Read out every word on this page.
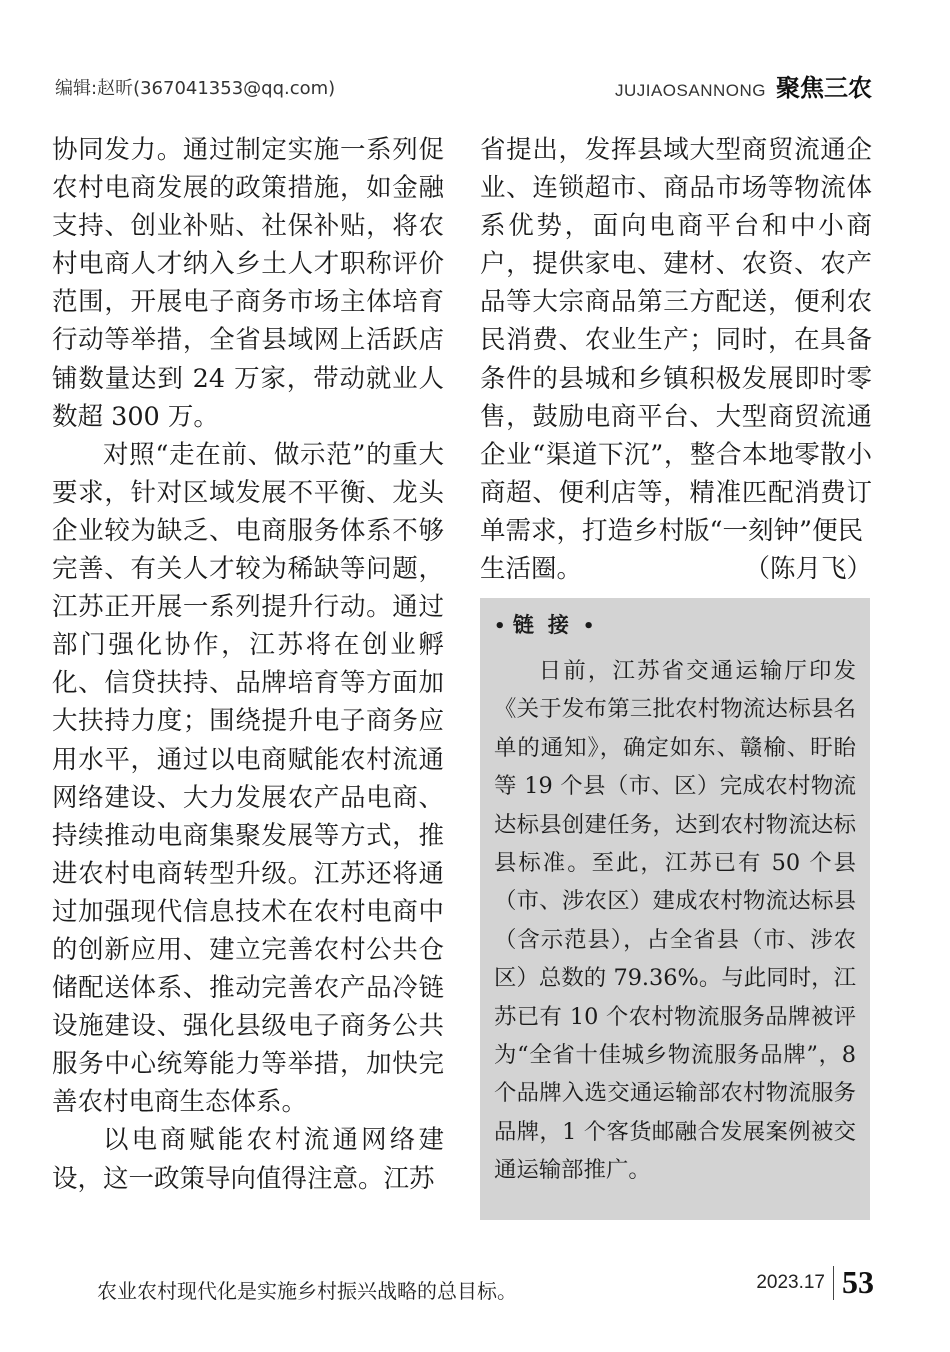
编辑:赵昕(367041353@qq.com)	JUJIAOSANNONG 聚焦三农

协同发力。通过制定实施一系列促农村电商发展的政策措施，如金融支持、创业补贴、社保补贴，将农村电商人才纳入乡土人才职称评价范围，开展电子商务市场主体培育行动等举措，全省县域网上活跃店铺数量达到 24 万家，带动就业人数超 300 万。

对照“走在前、做示范”的重大要求，针对区域发展不平衡、龙头企业较为缺乏、电商服务体系不够完善、有关人才较为稀缺等问题，江苏正开展一系列提升行动。通过部门强化协作，江苏将在创业孵化、信贷扶持、品牌培育等方面加大扶持力度；围绕提升电子商务应用水平，通过以电商赋能农村流通网络建设、大力发展农产品电商、持续推动电商集聚发展等方式，推进农村电商转型升级。江苏还将通过加强现代信息技术在农村电商中的创新应用、建立完善农村公共仓储配送体系、推动完善农产品冷链设施建设、强化县级电子商务公共服务中心统筹能力等举措，加快完善农村电商生态体系。

以电商赋能农村流通网络建设，这一政策导向值得注意。江苏

省提出，发挥县域大型商贸流通企业、连锁超市、商品市场等物流体系优势，面向电商平台和中小商户，提供家电、建材、农资、农产品等大宗商品第三方配送，便利农民消费、农业生产；同时，在具备条件的县城和乡镇积极发展即时零售，鼓励电商平台、大型商贸流通企业“渠道下沉”，整合本地零散小商超、便利店等，精准匹配消费订单需求，打造乡村版“一刻钟”便民

生活圈。	（陈月飞）
• 链接•

日前，江苏省交通运输厅印发《关于发布第三批农村物流达标县名单的通知》，确定如东、赣榆、盱眙等 19 个县（市、区）完成农村物流达标县创建任务，达到农村物流达标县标准。至此，江苏已有 50 个县（市、涉农区）建成农村物流达标县（含示范县），占全省县（市、涉农区）总数的 79.36%。与此同时，江苏已有 10 个农村物流服务品牌被评为“全省十佳城乡物流服务品牌”，8 个品牌入选交通运输部农村物流服务品牌，1 个客货邮融合发展案例被交通运输部推广。

农业农村现代化是实施乡村振兴战略的总目标。	2023.17 53
